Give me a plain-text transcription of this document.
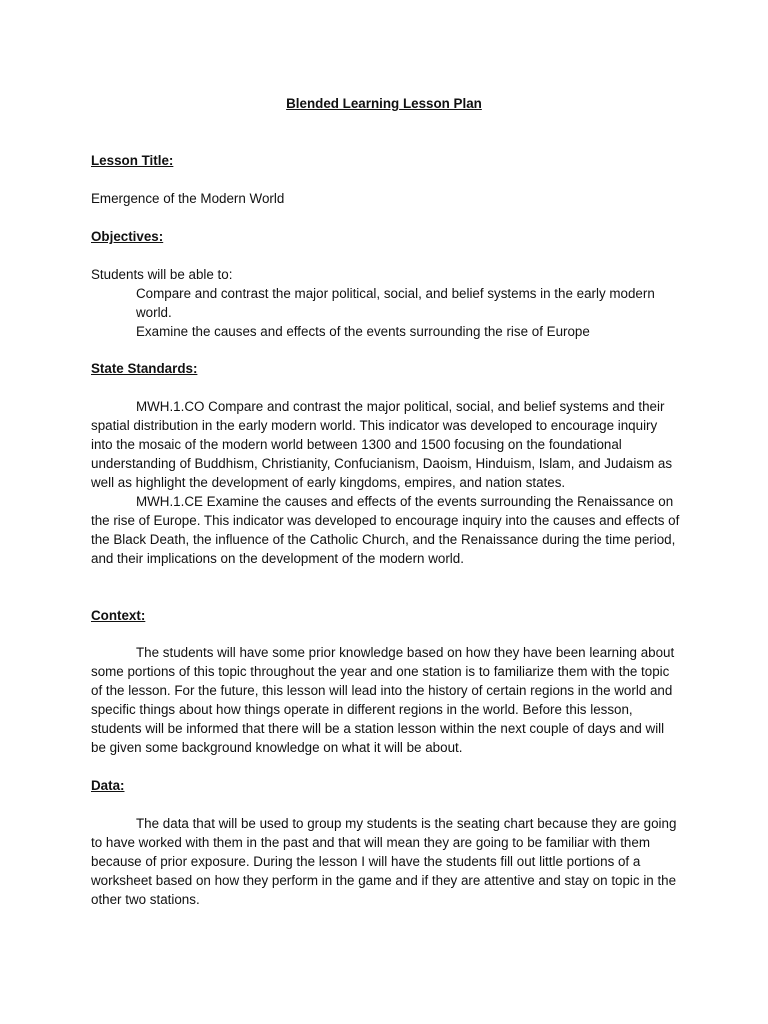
Blended Learning Lesson Plan
Lesson Title:
Emergence of the Modern World
Objectives:

Students will be able to:

Compare and contrast the major political, social, and belief systems in the early modern world.

Examine the causes and effects of the events surrounding the rise of Europe

State Standards:

MWH.1.CO Compare and contrast the major political, social, and belief systems and their spatial distribution in the early modern world. This indicator was developed to encourage inquiry into the mosaic of the modern world between 1300 and 1500 focusing on the foundational understanding of Buddhism, Christianity, Confucianism, Daoism, Hinduism, Islam, and Judaism as well as highlight the development of early kingdoms, empires, and nation states.

MWH.1.CE Examine the causes and effects of the events surrounding the Renaissance on the rise of Europe. This indicator was developed to encourage inquiry into the causes and effects of the Black Death, the influence of the Catholic Church, and the Renaissance during the time period, and their implications on the development of the modern world.

Context:

The students will have some prior knowledge based on how they have been learning about some portions of this topic throughout the year and one station is to familiarize them with the topic of the lesson. For the future, this lesson will lead into the history of certain regions in the world and specific things about how things operate in different regions in the world. Before this lesson, students will be informed that there will be a station lesson within the next couple of days and will be given some background knowledge on what it will be about.

Data:

The data that will be used to group my students is the seating chart because they are going to have worked with them in the past and that will mean they are going to be familiar with them because of prior exposure. During the lesson I will have the students fill out little portions of a worksheet based on how they perform in the game and if they are attentive and stay on topic in the other two stations.
